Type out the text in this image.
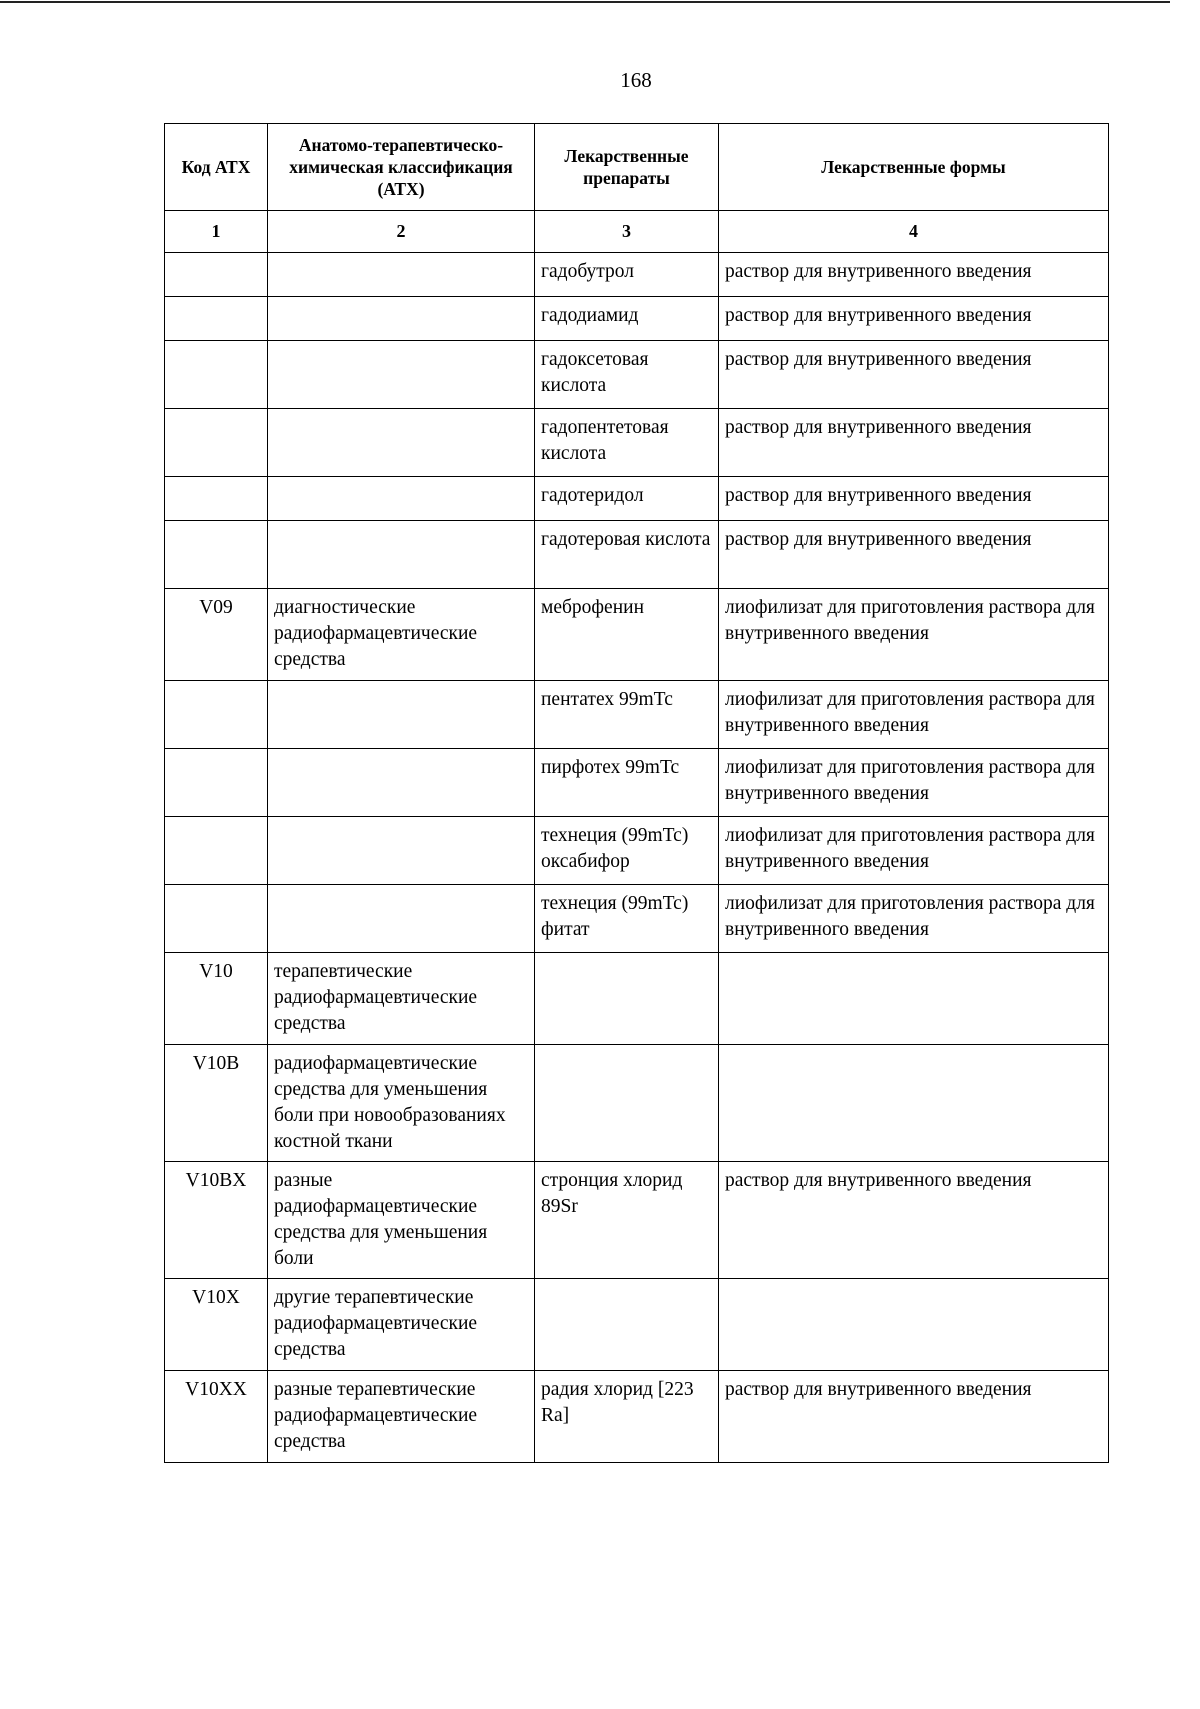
168
Код АТХ	Анатомо-терапевтическо-химическая классификация (АТХ)	Лекарственные препараты	Лекарственные формы
1	2	3	4
		гадобутрол	раствор для внутривенного введения
		гадодиамид	раствор для внутривенного введения
		гадоксетовая кислота	раствор для внутривенного введения
		гадопентетовая кислота	раствор для внутривенного введения
		гадотеридол	раствор для внутривенного введения
		гадотеровая кислота	раствор для внутривенного введения
V09	диагностические радиофармацевтические средства	меброфенин	лиофилизат для приготовления раствора для внутривенного введения
		пентатех 99mTc	лиофилизат для приготовления раствора для внутривенного введения
		пирфотех 99mTc	лиофилизат для приготовления раствора для внутривенного введения
		технеция (99mTc) оксабифор	лиофилизат для приготовления раствора для внутривенного введения
		технеция (99mTc) фитат	лиофилизат для приготовления раствора для внутривенного введения
V10	терапевтические радиофармацевтические средства		
V10B	радиофармацевтические средства для уменьшения боли при новообразованиях костной ткани		
V10BX	разные радиофармацевтические средства для уменьшения боли	стронция хлорид 89Sr	раствор для внутривенного введения
V10X	другие терапевтические радиофармацевтические средства		
V10XX	разные терапевтические радиофармацевтические средства	радия хлорид [223 Ra]	раствор для внутривенного введения
